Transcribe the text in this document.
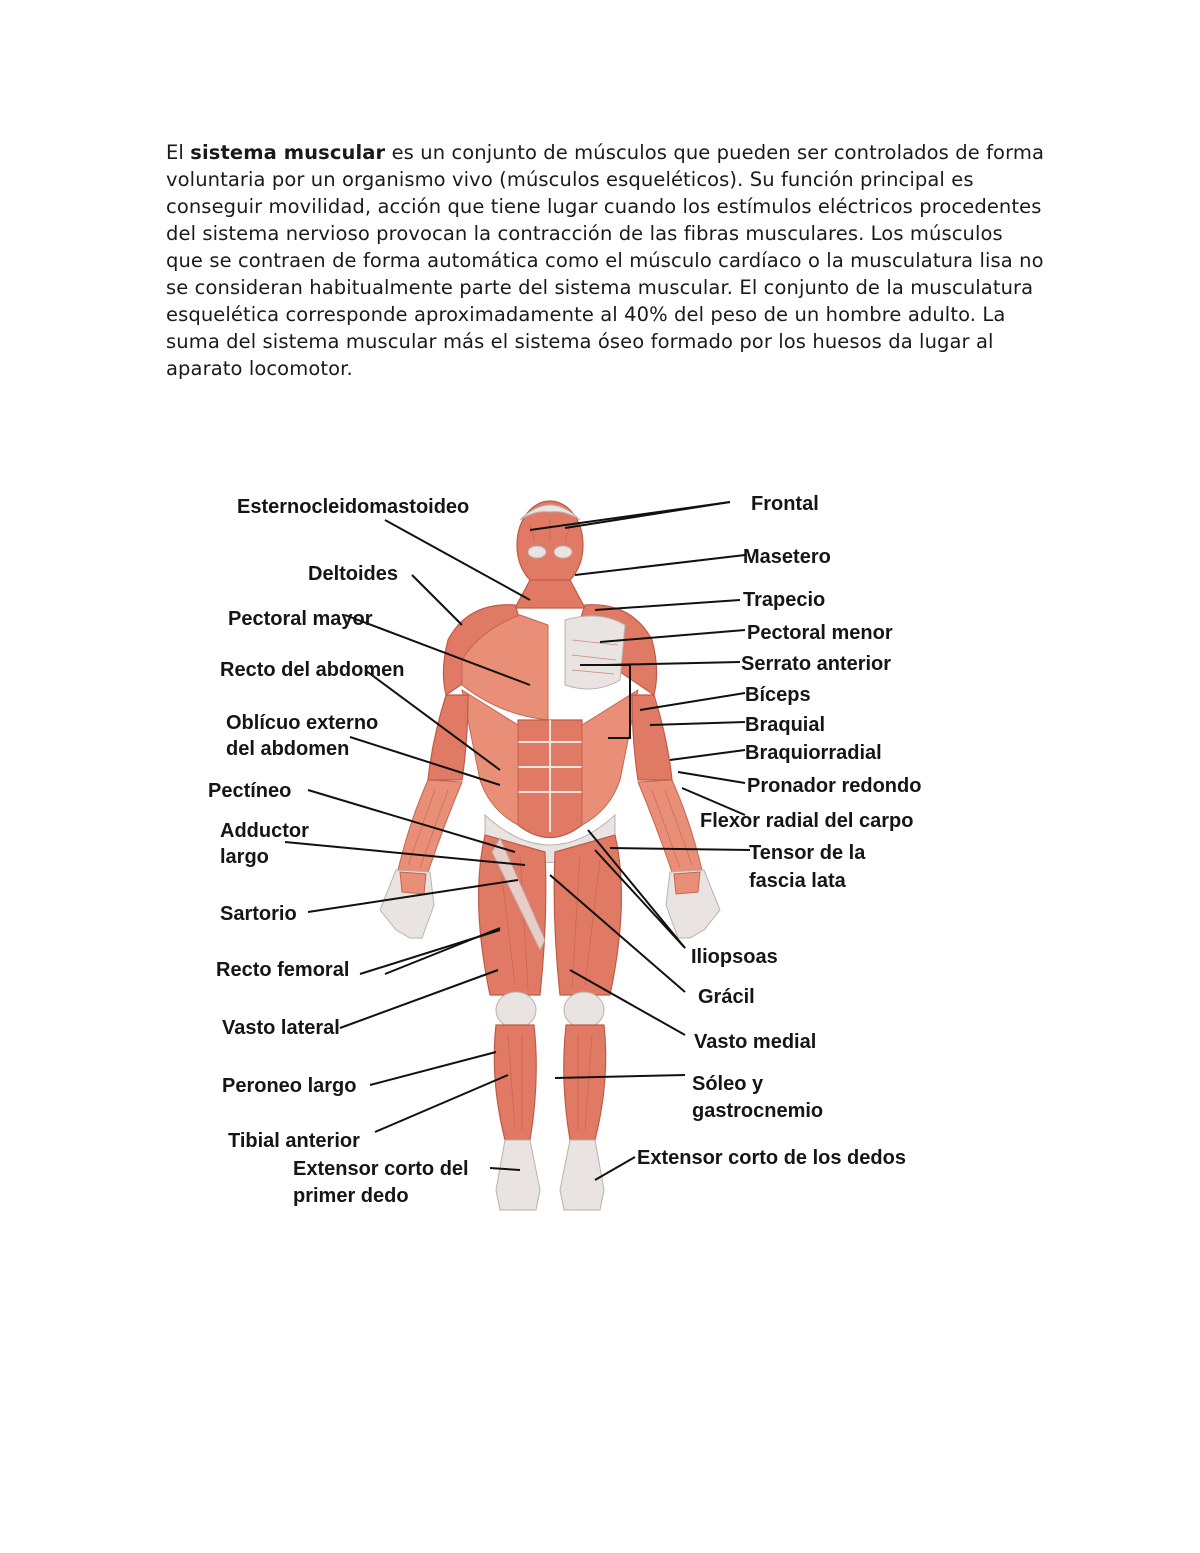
El sistema muscular es un conjunto de músculos que pueden ser controlados de forma voluntaria por un organismo vivo (músculos esqueléticos). Su función principal es conseguir movilidad, acción que tiene lugar cuando los estímulos eléctricos procedentes del sistema nervioso provocan la contracción de las fibras musculares. Los músculos que se contraen de forma automática como el músculo cardíaco o la musculatura lisa no se consideran habitualmente parte del sistema muscular. El conjunto de la musculatura esquelética corresponde aproximadamente al 40% del peso de un hombre adulto. La suma del sistema muscular más el sistema óseo formado por los huesos da lugar al aparato locomotor.

Esternocleidomastoideo
Deltoides
Pectoral mayor
Recto del abdomen
Oblícuo externo
del abdomen
Pectíneo
Adductor
largo
Sartorio
Recto femoral
Vasto lateral
Peroneo largo
Tibial anterior
Extensor corto del
primer dedo
Frontal
Masetero
Trapecio
Pectoral menor
Serrato anterior
Bíceps
Braquial
Braquiorradial
Pronador redondo
Flexor radial del carpo
Tensor de la
fascia lata
Iliopsoas
Grácil
Vasto medial
Sóleo y
gastrocnemio
Extensor corto de los dedos
